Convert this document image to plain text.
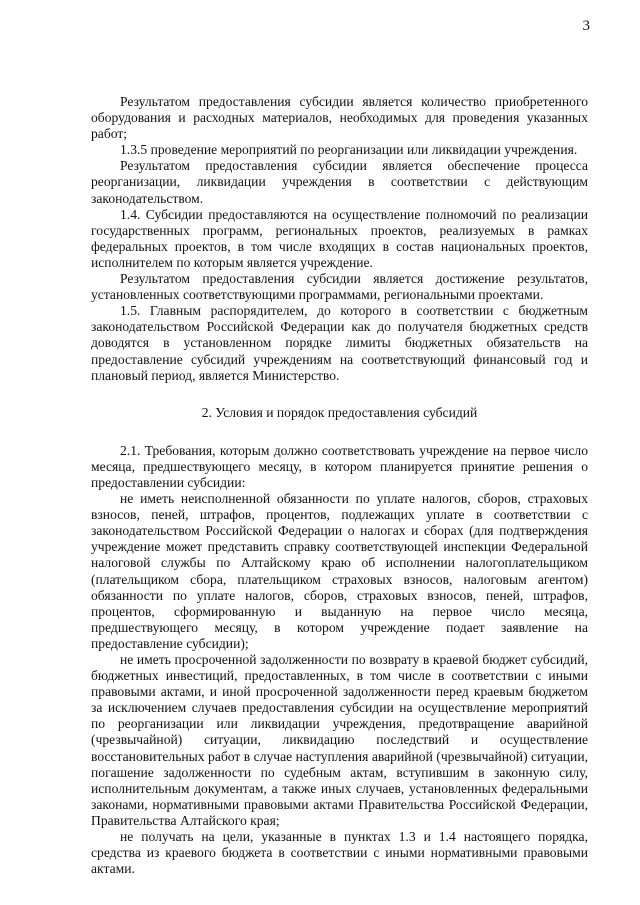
3

Результатом предоставления субсидии является количество приобретенного оборудования и расходных материалов, необходимых для проведения указанных работ;

1.3.5 проведение мероприятий по реорганизации или ликвидации учреждения.

Результатом предоставления субсидии является обеспечение процесса реорганизации, ликвидации учреждения в соответствии с действующим законодательством.

1.4. Субсидии предоставляются на осуществление полномочий по реализации государственных программ, региональных проектов, реализуемых в рамках федеральных проектов, в том числе входящих в состав национальных проектов, исполнителем по которым является учреждение.

Результатом предоставления субсидии является достижение результатов, установленных соответствующими программами, региональными проектами.

1.5. Главным распорядителем, до которого в соответствии с бюджетным законодательством Российской Федерации как до получателя бюджетных средств доводятся в установленном порядке лимиты бюджетных обязательств на предоставление субсидий учреждениям на соответствующий финансовый год и плановый период, является Министерство.

2. Условия и порядок предоставления субсидий

2.1. Требования, которым должно соответствовать учреждение на первое число месяца, предшествующего месяцу, в котором планируется принятие решения о предоставлении субсидии:

не иметь неисполненной обязанности по уплате налогов, сборов, страховых взносов, пеней, штрафов, процентов, подлежащих уплате в соответствии с законодательством Российской Федерации о налогах и сборах (для подтверждения учреждение может представить справку соответствующей инспекции Федеральной налоговой службы по Алтайскому краю об исполнении налогоплательщиком (плательщиком сбора, плательщиком страховых взносов, налоговым агентом) обязанности по уплате налогов, сборов, страховых взносов, пеней, штрафов, процентов, сформированную и выданную на первое число месяца, предшествующего месяцу, в котором учреждение подает заявление на предоставление субсидии);

не иметь просроченной задолженности по возврату в краевой бюджет субсидий, бюджетных инвестиций, предоставленных, в том числе в соответствии с иными правовыми актами, и иной просроченной задолженности перед краевым бюджетом за исключением случаев предоставления субсидии на осуществление мероприятий по реорганизации или ликвидации учреждения, предотвращение аварийной (чрезвычайной) ситуации, ликвидацию последствий и осуществление восстановительных работ в случае наступления аварийной (чрезвычайной) ситуации, погашение задолженности по судебным актам, вступившим в законную силу, исполнительным документам, а также иных случаев, установленных федеральными законами, нормативными правовыми актами Правительства Российской Федерации, Правительства Алтайского края;

не получать на цели, указанные в пунктах 1.3 и 1.4 настоящего порядка, средства из краевого бюджета в соответствии с иными нормативными правовыми актами.
